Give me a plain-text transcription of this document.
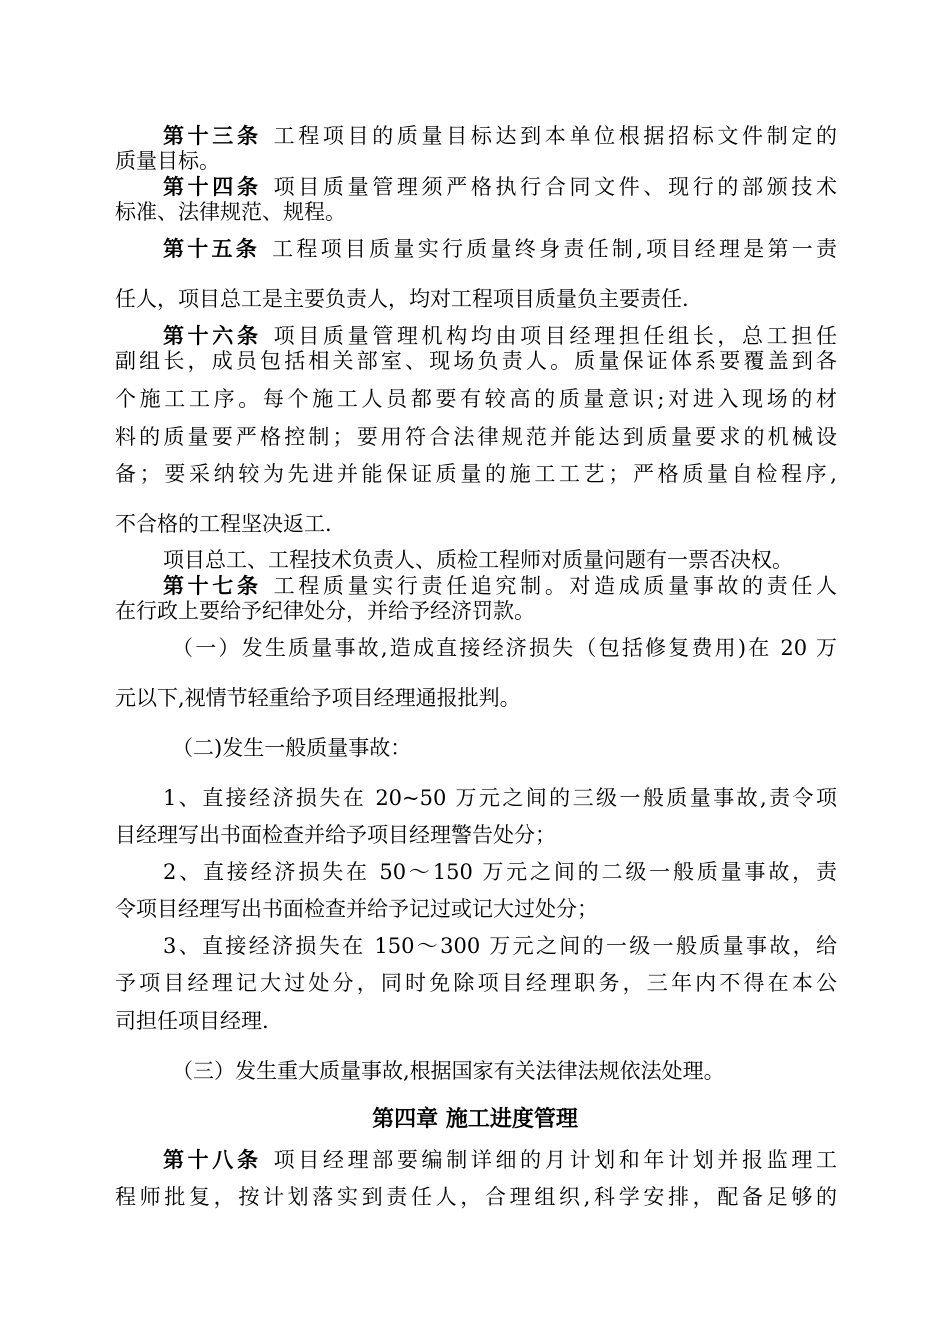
第十三条 工程项目的质量目标达到本单位根据招标文件制定的
质量目标。
第十四条 项目质量管理须严格执行合同文件、现行的部颁技术
标准、法律规范、规程。
第十五条 工程项目质量实行质量终身责任制,项目经理是第一责
任人，项目总工是主要负责人，均对工程项目质量负主要责任.
第十六条 项目质量管理机构均由项目经理担任组长，总工担任
副组长，成员包括相关部室、现场负责人。质量保证体系要覆盖到各
个施工工序。每个施工人员都要有较高的质量意识;对进入现场的材
料的质量要严格控制；要用符合法律规范并能达到质量要求的机械设
备；要采纳较为先进并能保证质量的施工工艺；严格质量自检程序,
不合格的工程坚决返工.
项目总工、工程技术负责人、质检工程师对质量问题有一票否决权。
第十七条 工程质量实行责任追究制。对造成质量事故的责任人
在行政上要给予纪律处分，并给予经济罚款。
（一）发生质量事故,造成直接经济损失（包括修复费用)在 20 万
元以下,视情节轻重给予项目经理通报批判。
（二)发生一般质量事故：
1、直接经济损失在 20~50 万元之间的三级一般质量事故,责令项
目经理写出书面检查并给予项目经理警告处分；
2、直接经济损失在 50～150 万元之间的二级一般质量事故，责
令项目经理写出书面检查并给予记过或记大过处分；
3、直接经济损失在 150～300 万元之间的一级一般质量事故，给
予项目经理记大过处分，同时免除项目经理职务，三年内不得在本公
司担任项目经理.
（三）发生重大质量事故,根据国家有关法律法规依法处理。
第四章 施工进度管理
第十八条 项目经理部要编制详细的月计划和年计划并报监理工
程师批复，按计划落实到责任人，合理组织,科学安排，配备足够的
